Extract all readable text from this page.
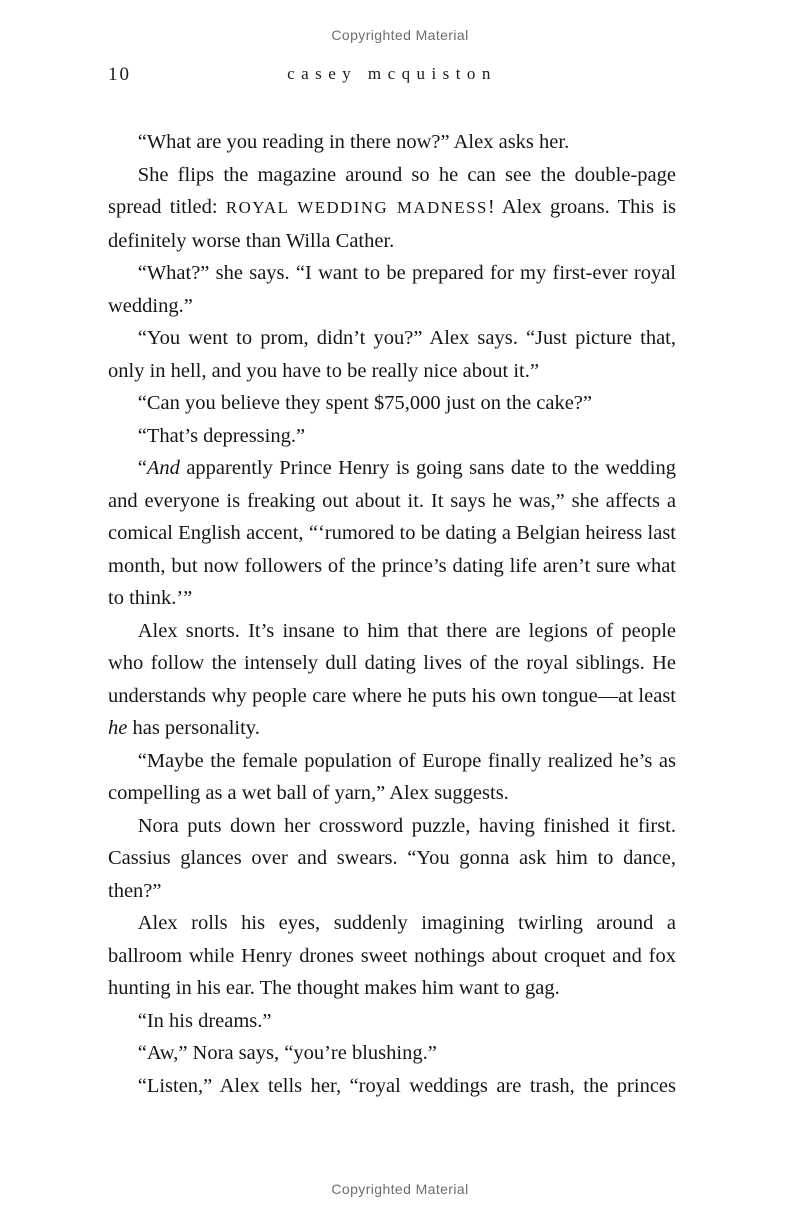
Copyrighted Material
10	casey mcquiston

“What are you reading in there now?” Alex asks her.

She flips the magazine around so he can see the double-page spread titled: ROYAL WEDDING MADNESS! Alex groans. This is definitely worse than Willa Cather.

“What?” she says. “I want to be prepared for my first-ever royal wedding.”

“You went to prom, didn’t you?” Alex says. “Just picture that, only in hell, and you have to be really nice about it.”

“Can you believe they spent $75,000 just on the cake?”

“That’s depressing.”

“And apparently Prince Henry is going sans date to the wedding and everyone is freaking out about it. It says he was,” she affects a comical English accent, “‘rumored to be dating a Belgian heiress last month, but now followers of the prince’s dating life aren’t sure what to think.’”

Alex snorts. It’s insane to him that there are legions of people who follow the intensely dull dating lives of the royal siblings. He understands why people care where he puts his own tongue—at least he has personality.

“Maybe the female population of Europe finally realized he’s as compelling as a wet ball of yarn,” Alex suggests.

Nora puts down her crossword puzzle, having finished it first. Cassius glances over and swears. “You gonna ask him to dance, then?”

Alex rolls his eyes, suddenly imagining twirling around a ballroom while Henry drones sweet nothings about croquet and fox hunting in his ear. The thought makes him want to gag.

“In his dreams.”

“Aw,” Nora says, “you’re blushing.”

“Listen,” Alex tells her, “royal weddings are trash, the princes

Copyrighted Material
